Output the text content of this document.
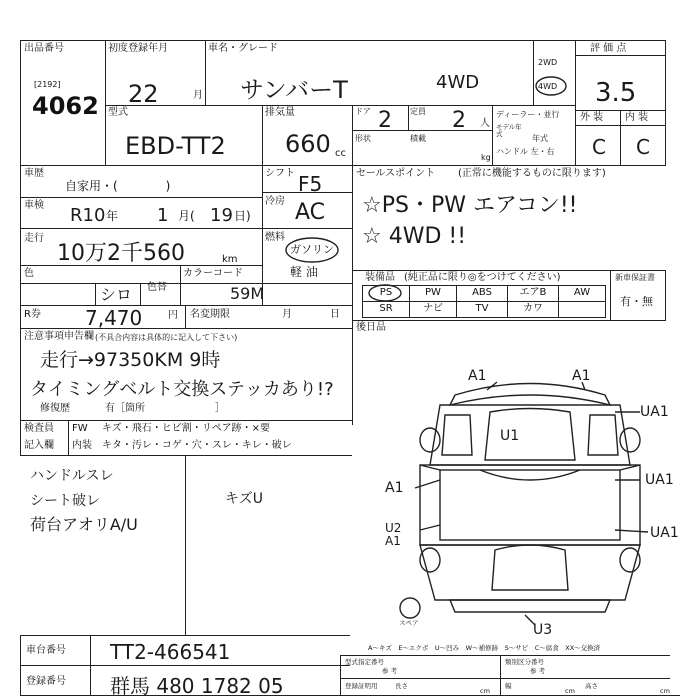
出品番号
[2192]
4062
初度登録年月
22	月
車名・グレード
サンバーT	4WD
2WD
4WD
評 価 点
3.5
外 装 内 装
C C
型式
EBD-TT2
排気量
660 cc
ドア 2 定員 2 人
形状	積載
kg
ディーラー・並行
モデル年式	年式
ハンドル 左・右
車歴
自家用・(　　　　)
シフト F5
車検 R10 年 1 月( 19 日)
冷房 AC
走行
10万2千560	km
燃料
ガソリン
軽 油
色
シロ 色替
カラーコード
59M
R券 7,470	円 名変期限	月	日
注意事項申告欄 (不具合内容は具体的に記入して下さい)
走行→97350KM 9時
タイミングベルト交換ステッカあり!?
修復歴	有［箇所　　　　　　　］
検査員
記入欄
FW キズ・飛石・ヒビ割・リペア跡・×要
内装 キタ・汚レ・コゲ・穴・スレ・キレ・破レ
ハンドルスレ
シート破レ
荷台アオリA/U
キズU
セールスポイント (正常に機能するものに限ります)
☆PS・PW エアコン!!
☆ 4WD !!
装備品 (純正品に限り◎をつけてください)	新車保証書
有・無
PS	PW	ABS	エアB	AW
SR	ナビ	TV	カワ
後日品
A1	A1
U1
UA1
A1	UA1
U2 A1	UA1
U3
スペア
A～キズ　E～エクボ　U～凹み　W～補修跡　S～サビ　C～腐食　XX～交換済
型式指定番号
参 考
類別区分番号
参 考
登録証明用	長さ
cm
幅
cm
高さ
cm
車台番号 TT2-466541
登録番号 群馬 480 1782 05
